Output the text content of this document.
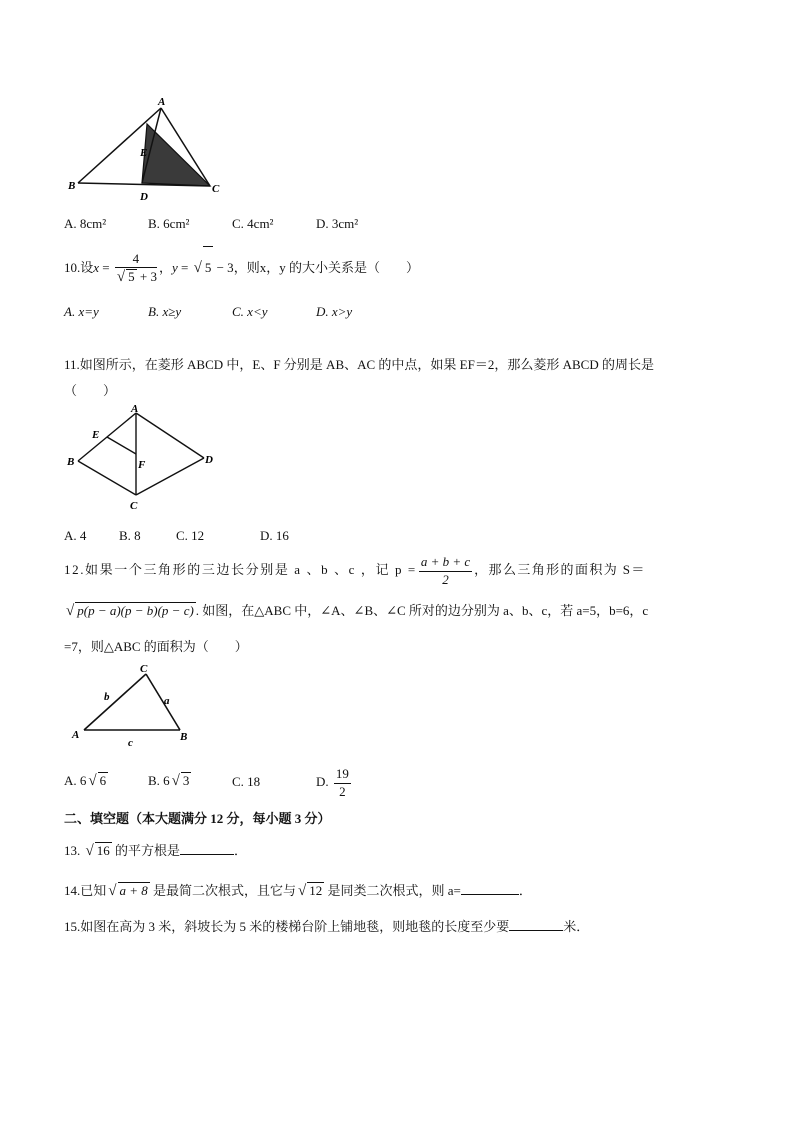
A
E
B
D
C
A. 8cm²	B. 6cm²	C. 4cm²	D. 3cm²
10.设$x = \frac{4}{√ 5 + 3}$ ，y = √ 5 − 3，则x，y 的大小关系是（　　）
A. x=y	B. x≥y	C. x<y	D. x>y
11.如图所示，在菱形 ABCD 中，E、F 分别是 AB、AC 的中点，如果 EF＝2，那么菱形 ABCD 的周长是
（　　）
A
E
B	F	D
C
A. 4	B. 8	C. 12	D. 16
12.如果一个三角形的三边长分别是 a 、b 、c ，记 $p = \frac{a + b + c}{2}$ ，那么三角形的面积为 S＝
√ p(p − a)(p − b)(p − c) . 如图，在△ABC 中，∠A、∠B、∠C 所对的边分别为 a、b、c，若 a=5，b=6，c
=7，则△ABC 的面积为（　　）
C
b	a
A
c	B
A. 6 √ 6	B. 6 √ 3	C. 18	D. $\frac{19}{2}$
二、填空题（本大题满分 12 分，每小题 3 分）
13. √ 16 的平方根是	．
14.已知 √ a + 8 是最简二次根式，且它与 √ 12 是同类二次根式，则 a=	．
15.如图在高为 3 米，斜坡长为 5 米的楼梯台阶上铺地毯，则地毯的长度至少要	米．
